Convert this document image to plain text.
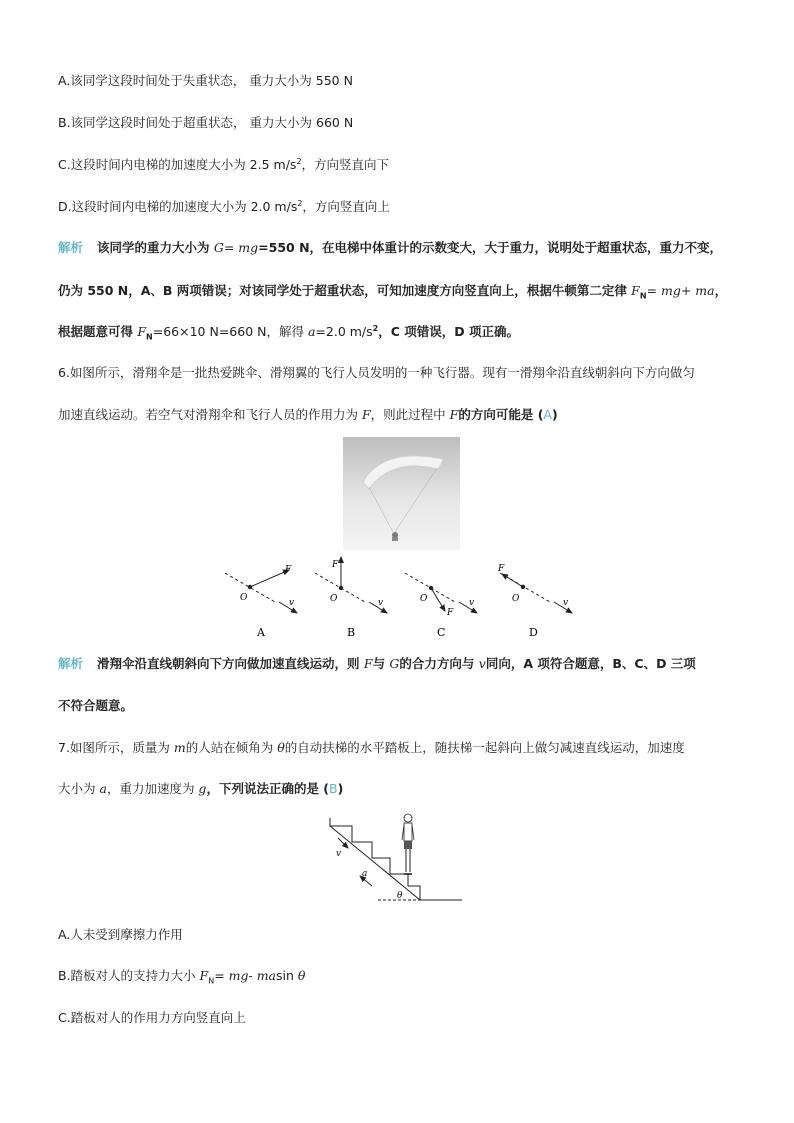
A.该同学这段时间处于失重状态， 重力大小为 550 N
B.该同学这段时间处于超重状态， 重力大小为 660 N
C.这段时间内电梯的加速度大小为 2.5 $m/s^2$，方向竖直向下
D.这段时间内电梯的加速度大小为 2.0 $m/s^2$，方向竖直向上
解析 该同学的重力大小为 G= mg=550 N，在电梯中体重计的示数变大，大于重力，说明处于超重状态，重力不变，
仍为 550 N，A、B 两项错误；对该同学处于超重状态，可知加速度方向竖直向上，根据牛顿第二定律 $F_N= mg+$ ma，
根据题意可得 $F_N=66\times 10$ N=660 N，解得 a=2.0 $m/s^2$，C 项错误，D 项正确。
6.如图所示，滑翔伞是一批热爱跳伞、滑翔翼的飞行人员发明的一种飞行器。现有一滑翔伞沿直线朝斜向下方向做匀
加速直线运动。若空气对滑翔伞和飞行人员的作用力为 F，则此过程中 F的方向可能是 (A)
F
O	v
A
F
O	v
B
F
O	v
C
F
O	v
D
解析 滑翔伞沿直线朝斜向下方向做加速直线运动，则 F与 G的合力方向与 v同向，A 项符合题意，B、C、D 三项
不符合题意。
7.如图所示，质量为 m的人站在倾角为 θ的自动扶梯的水平踏板上，随扶梯一起斜向上做匀减速直线运动，加速度
大小为 a，重力加速度为 g，下列说法正确的是 (B)
v
a
θ
A.人未受到摩擦力作用
B.踏板对人的支持力大小 $F_N= mg-$ masin θ
C.踏板对人的作用力方向竖直向上
